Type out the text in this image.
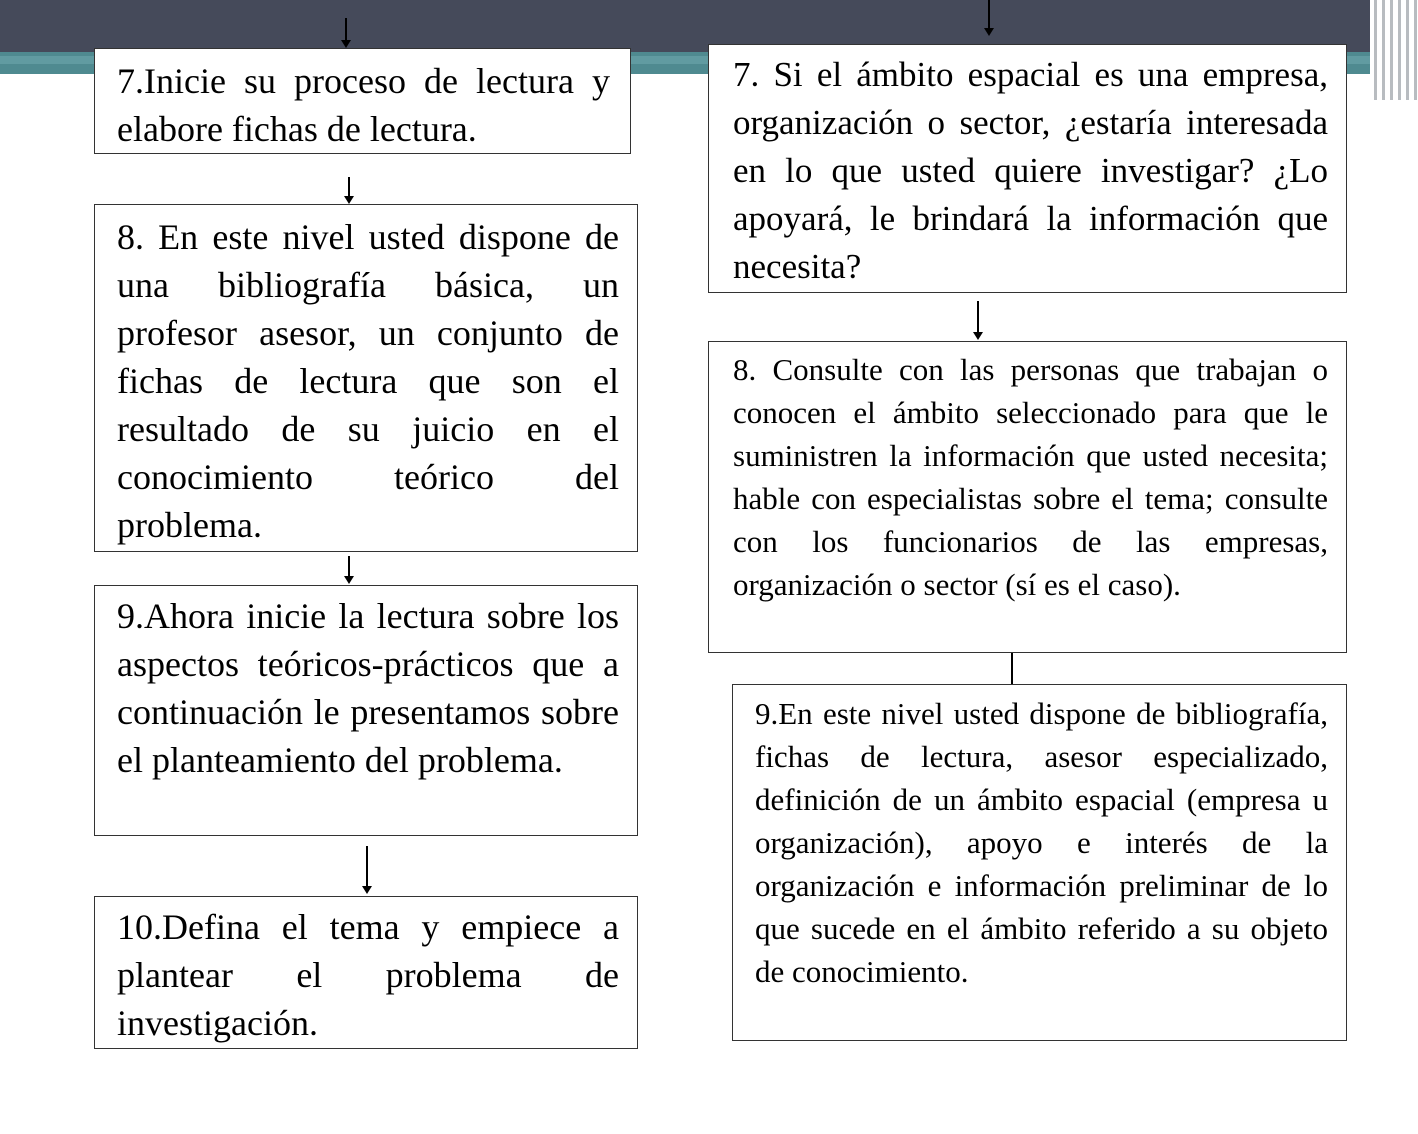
7.Inicie su proceso de lectura y elabore fichas de lectura.

8. En este nivel usted dispone de una bibliografía básica, un profesor asesor, un conjunto de fichas de lectura que son el resultado de su juicio en el conocimiento teórico del problema.

9.Ahora inicie la lectura sobre los aspectos teóricos-prácticos que a continuación le presentamos sobre el planteamiento del problema.

10.Defina el tema y empiece a plantear el problema de investigación.

7. Si el ámbito espacial es una empresa, organización o sector, ¿estaría interesada en lo que usted quiere investigar? ¿Lo apoyará, le brindará la información que necesita?

8. Consulte con las personas que trabajan o conocen el ámbito seleccionado para que le suministren la información que usted necesita; hable con especialistas sobre el tema; consulte con los funcionarios de las empresas, organización o sector (sí es el caso).

9.En este nivel usted dispone de bibliografía, fichas de lectura, asesor especializado, definición de un ámbito espacial (empresa u organización), apoyo e interés de la organización e información preliminar de lo que sucede en el ámbito referido a su objeto de conocimiento.
